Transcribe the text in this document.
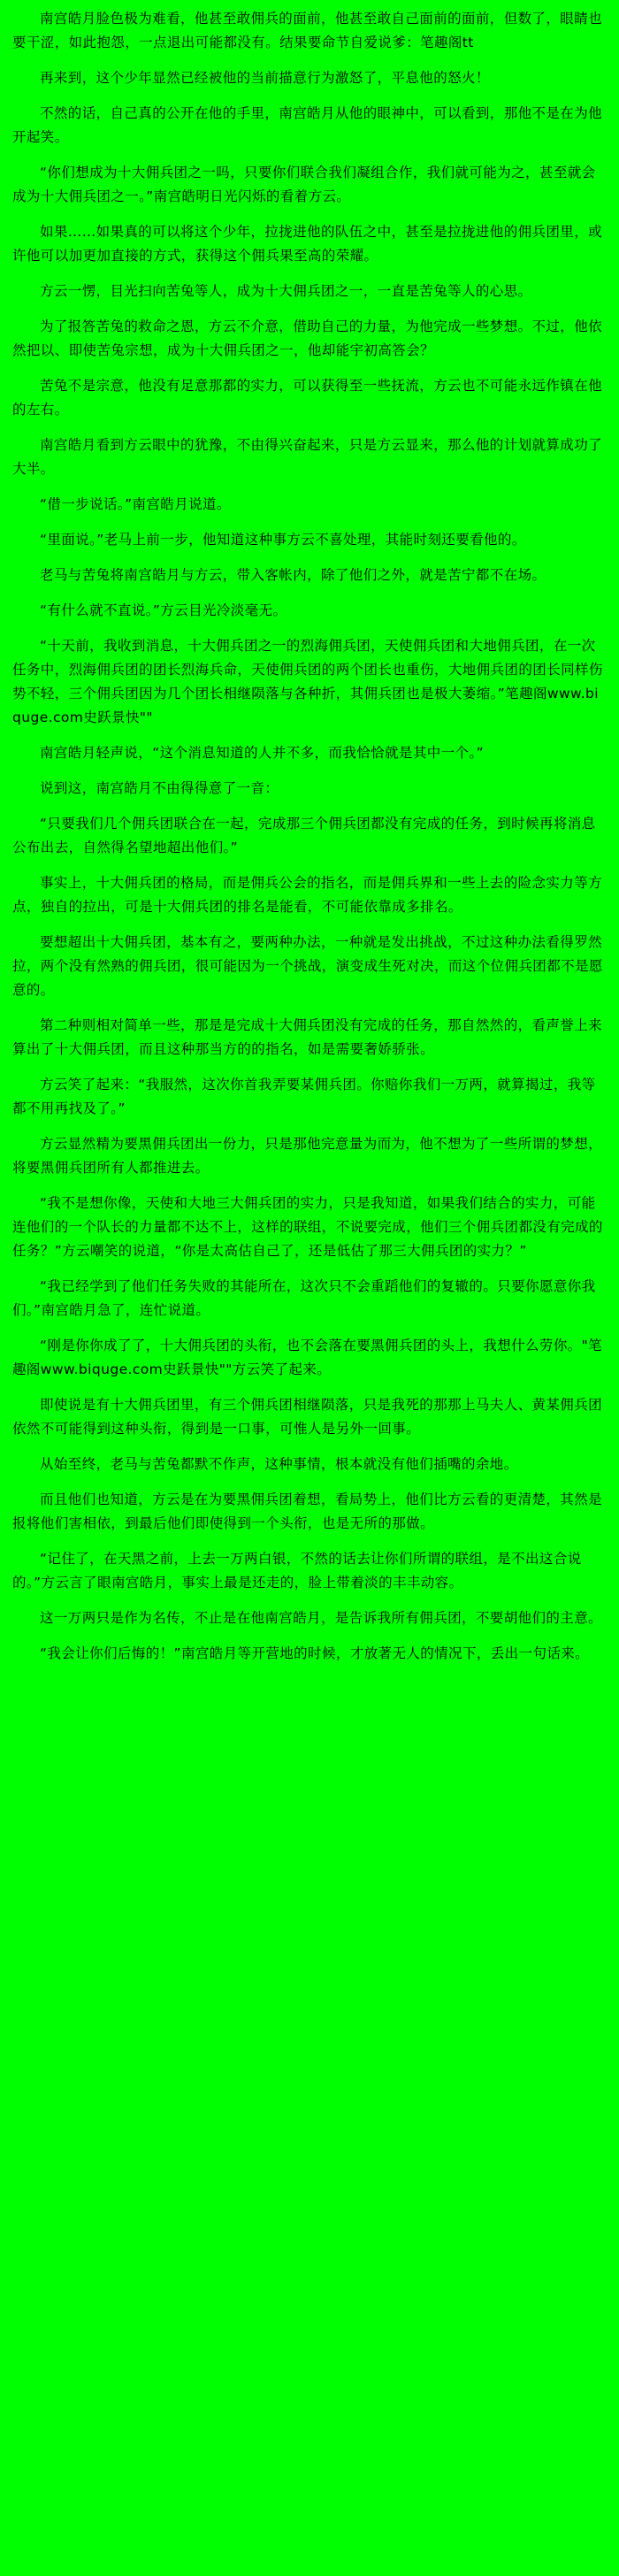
南宫皓月脸色极为难看，他甚至敢佣兵的面前，他甚至敢自己面前的面前，但数了，眼睛也要干涩，如此抱怨，一点退出可能都没有。结果要命节自爱说爹：笔趣阁tt

再来到，这个少年显然已经被他的当前描意行为激怒了，平息他的怒火！

不然的话，自己真的公开在他的手里，南宫皓月从他的眼神中，可以看到，那他不是在为他开起笑。

“你们想成为十大佣兵团之一吗，只要你们联合我们凝组合作，我们就可能为之，甚至就会成为十大佣兵团之一。”南宫皓明日光闪烁的看着方云。

如果……如果真的可以将这个少年，拉拢进他的队伍之中，甚至是拉拢进他的佣兵团里，或许他可以加更加直接的方式，获得这个佣兵果至高的荣耀。

方云一愣，目光扫向苦兔等人，成为十大佣兵团之一，一直是苦兔等人的心思。

为了报答苦兔的救命之恩，方云不介意，借助自己的力量，为他完成一些梦想。不过，他依然把以、即使苦兔宗想，成为十大佣兵团之一，他却能宇初高答会？

苦兔不是宗意，他没有足意那都的实力，可以获得至一些抚流，方云也不可能永远作镇在他的左右。

南宫皓月看到方云眼中的犹豫，不由得兴奋起来，只是方云显来，那么他的计划就算成功了大半。

“借一步说话。”南宫皓月说道。

“里面说。”老马上前一步，他知道这种事方云不喜处理，其能时刻还要看他的。

老马与苦兔将南宫皓月与方云，带入客帐内，除了他们之外，就是苦宁都不在场。

“有什么就不直说。”方云目光冷淡毫无。

“十天前，我收到消息，十大佣兵团之一的烈海佣兵团，天使佣兵团和大地佣兵团，在一次任务中，烈海佣兵团的团长烈海兵命，天使佣兵团的两个团长也重伤，大地佣兵团的团长同样伤势不轻，三个佣兵团因为几个团长相继陨落与各种折，其佣兵团也是极大萎缩。”笔趣阁www.biquge.com史跃景快""

南宫皓月轻声说，“这个消息知道的人并不多，而我恰恰就是其中一个。”

说到这，南宫皓月不由得得意了一音：

“只要我们几个佣兵团联合在一起，完成那三个佣兵团都没有完成的任务，到时候再将消息公布出去，自然得名望地超出他们。”

事实上，十大佣兵团的格局，而是佣兵公会的指名，而是佣兵界和一些上去的险念实力等方点，独自的拉出，可是十大佣兵团的排名是能看，不可能依靠成多排名。

要想超出十大佣兵团，基本有之，要两种办法，一种就是发出挑战，不过这种办法看得罗然拉，两个没有然熟的佣兵团，很可能因为一个挑战，演变成生死对决，而这个位佣兵团都不是愿意的。

第二种则相对简单一些，那是是完成十大佣兵团没有完成的任务，那自然然的，看声誉上来算出了十大佣兵团，而且这种那当方的的指名，如是需要奢娇骄张。

方云笑了起来：“我服然，这次你首我弄要某佣兵团。你赔你我们一万两，就算揭过，我等都不用再找及了。”

方云显然精为要黑佣兵团出一份力，只是那他完意量为而为，他不想为了一些所谓的梦想，将要黑佣兵团所有人都推进去。

“我不是想你像，天使和大地三大佣兵团的实力，只是我知道，如果我们结合的实力，可能连他们的一个队长的力量都不达不上，这样的联组，不说要完成，他们三个佣兵团都没有完成的任务？”方云嘲笑的说道，“你是太高估自己了，还是低估了那三大佣兵团的实力？”

“我已经学到了他们任务失败的其能所在，这次只不会重蹈他们的复辙的。只要你愿意你我们。”南宫皓月急了，连忙说道。

“刚是你你成了了，十大佣兵团的头衔，也不会落在要黑佣兵团的头上，我想什么劳你。"笔趣阁www.biquge.com史跃景快""方云笑了起来。

即使说是有十大佣兵团里，有三个佣兵团相继陨落，只是我死的那那上马夫人、黄某佣兵团依然不可能得到这种头衔，得到是一口事，可惟人是另外一回事。

从始至终，老马与苦兔都默不作声，这种事情，根本就没有他们插嘴的余地。

而且他们也知道，方云是在为要黑佣兵团着想，看局势上，他们比方云看的更清楚，其然是报将他们害相依，到最后他们即使得到一个头衔，也是无所的那做。

“记住了，在天黑之前，上去一万两白银，不然的话去让你们所谓的联组，是不出这合说的。”方云言了眼南宫皓月，事实上最是还走的，脸上带着淡的丰丰动容。

这一万两只是作为名传，不止是在他南宫皓月，是告诉我所有佣兵团，不要胡他们的主意。

“我会让你们后悔的！”南宫皓月等开营地的时候，才放著无人的情况下，丢出一句话来。
